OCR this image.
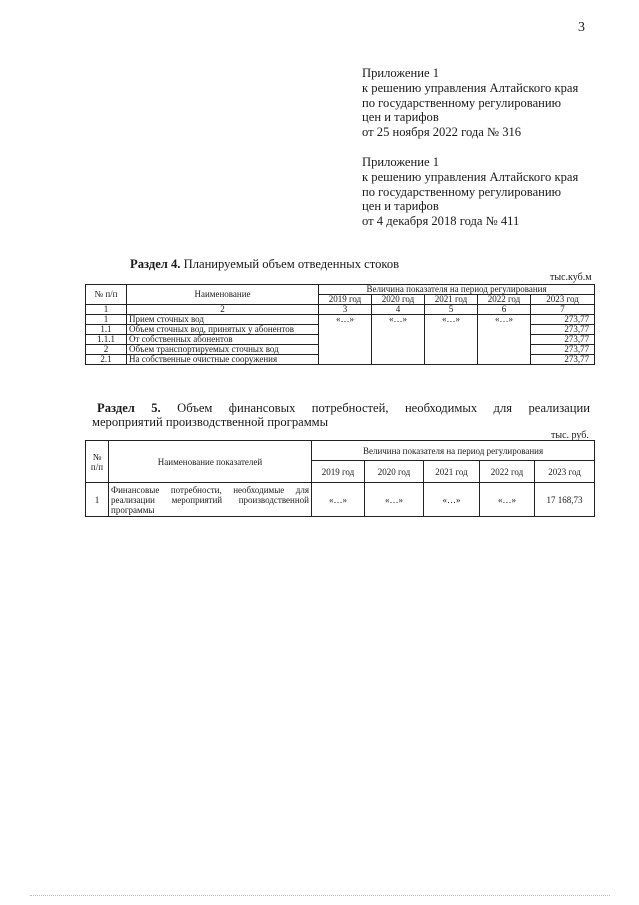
3
Приложение 1
к решению управления Алтайского края
по государственному регулированию
цен и тарифов
от 25 ноября 2022 года № 316
Приложение 1
к решению управления Алтайского края
по государственному регулированию
цен и тарифов
от 4 декабря 2018 года № 411
Раздел 4. Планируемый объем отведенных стоков
тыс.куб.м
№ п/п	Наименование	Величина показателя на период регулирования				
		2019 год	2020 год	2021 год	2022 год	2023 год
1	2	3	4	5	6	7
1	Прием сточных вод	«…»	«…»	«…»	«…»	273,77
1.1	Объем сточных вод, принятых у абонентов					273,77
1.1.1	От собственных абонентов					273,77
2	Объем транспортируемых сточных вод					273,77
2.1	На собственные очистные сооружения					273,77
Раздел 5. Объем финансовых потребностей, необходимых для реализации
мероприятий производственной программы
тыс. руб.
№ п/п	Наименование показателей	Величина показателя на период регулирования				
		2019 год	2020 год	2021 год	2022 год	2023 год
1	Финансовые потребности, необходимые для реализации мероприятий производственной программы	«…»	«…»	«…»	«…»	17 168,73
